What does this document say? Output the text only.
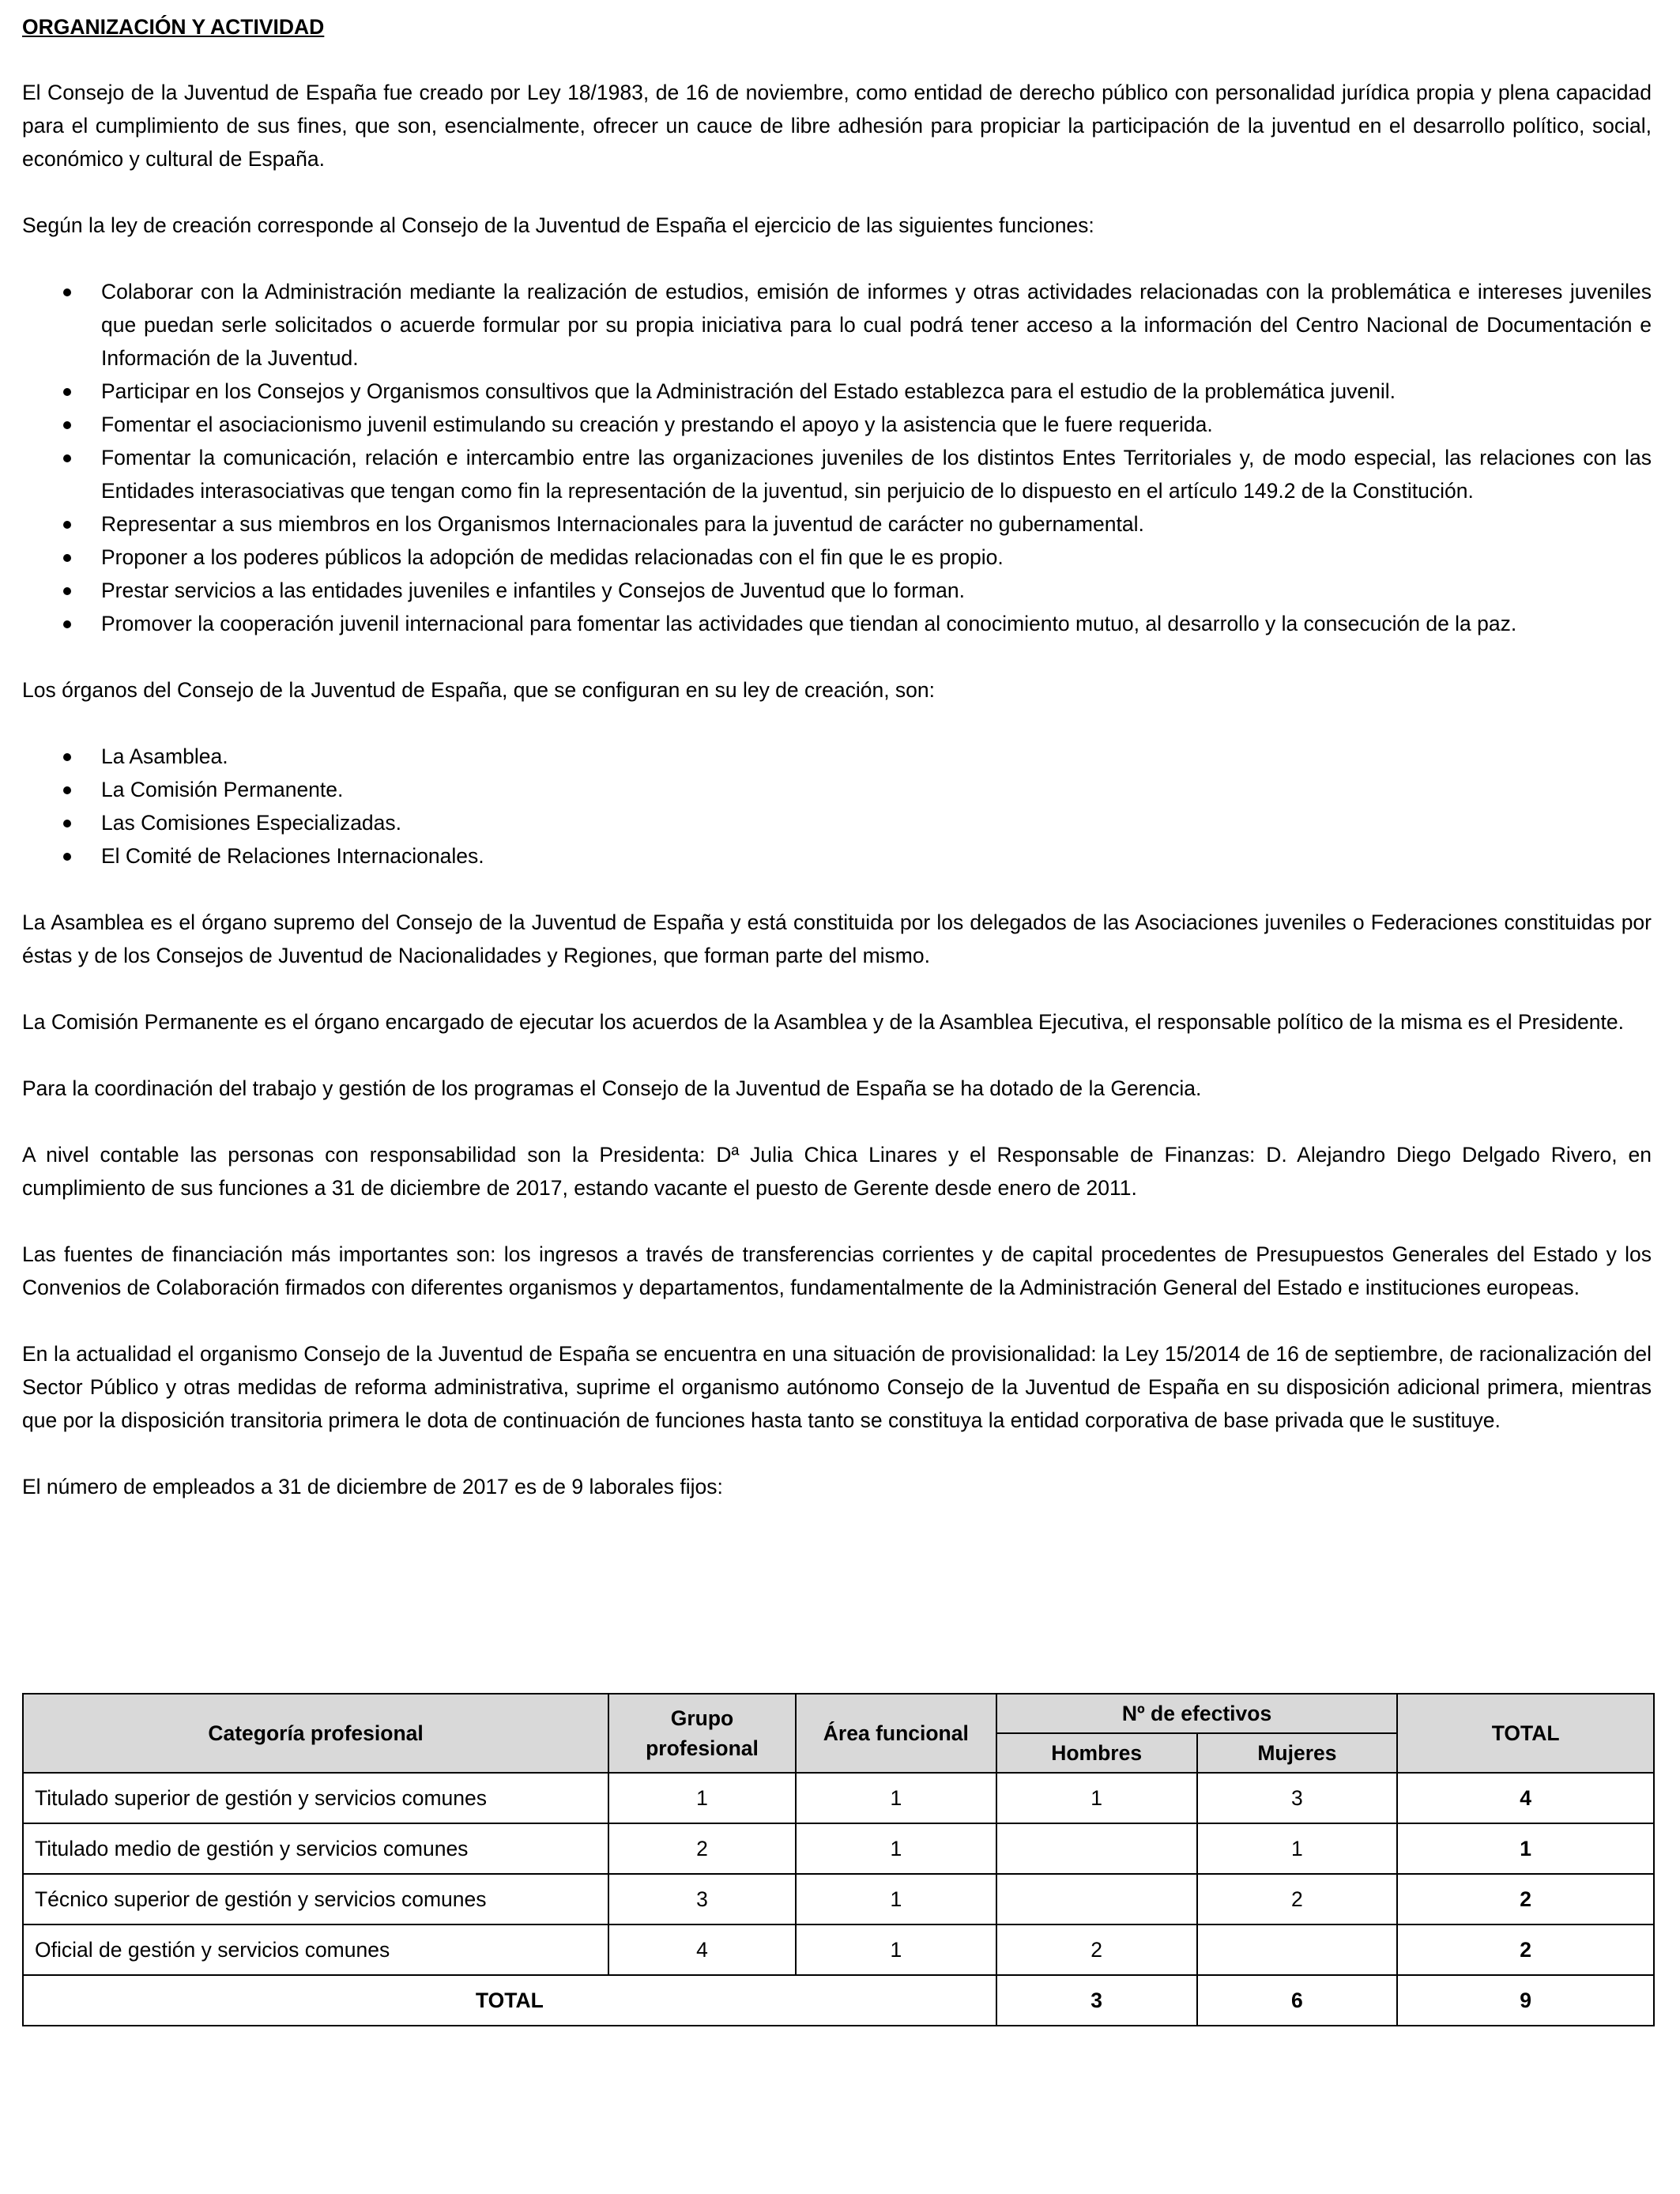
ORGANIZACIÓN Y ACTIVIDAD

El Consejo de la Juventud de España fue creado por Ley 18/1983, de 16 de noviembre, como entidad de derecho público con personalidad jurídica propia y plena capacidad para el cumplimiento de sus fines, que son, esencialmente, ofrecer un cauce de libre adhesión para propiciar la participación de la juventud en el desarrollo político, social, económico y cultural de España.

Según la ley de creación corresponde al Consejo de la Juventud de España el ejercicio de las siguientes funciones:

Colaborar con la Administración mediante la realización de estudios, emisión de informes y otras actividades relacionadas con la problemática e intereses juveniles que puedan serle solicitados o acuerde formular por su propia iniciativa para lo cual podrá tener acceso a la información del Centro Nacional de Documentación e Información de la Juventud.
Participar en los Consejos y Organismos consultivos que la Administración del Estado establezca para el estudio de la problemática juvenil.
Fomentar el asociacionismo juvenil estimulando su creación y prestando el apoyo y la asistencia que le fuere requerida.
Fomentar la comunicación, relación e intercambio entre las organizaciones juveniles de los distintos Entes Territoriales y, de modo especial, las relaciones con las Entidades interasociativas que tengan como fin la representación de la juventud, sin perjuicio de lo dispuesto en el artículo 149.2 de la Constitución.
Representar a sus miembros en los Organismos Internacionales para la juventud de carácter no gubernamental.
Proponer a los poderes públicos la adopción de medidas relacionadas con el fin que le es propio.
Prestar servicios a las entidades juveniles e infantiles y Consejos de Juventud que lo forman.
Promover la cooperación juvenil internacional para fomentar las actividades que tiendan al conocimiento mutuo, al desarrollo y la consecución de la paz.

Los órganos del Consejo de la Juventud de España, que se configuran en su ley de creación, son:

La Asamblea.
La Comisión Permanente.
Las Comisiones Especializadas.
El Comité de Relaciones Internacionales.

La Asamblea es el órgano supremo del Consejo de la Juventud de España y está constituida por los delegados de las Asociaciones juveniles o Federaciones constituidas por éstas y de los Consejos de Juventud de Nacionalidades y Regiones, que forman parte del mismo.

La Comisión Permanente es el órgano encargado de ejecutar los acuerdos de la Asamblea y de la Asamblea Ejecutiva, el responsable político de la misma es el Presidente.

Para la coordinación del trabajo y gestión de los programas el Consejo de la Juventud de España se ha dotado de la Gerencia.

A nivel contable las personas con responsabilidad son la Presidenta: Dª Julia Chica Linares y el Responsable de Finanzas: D. Alejandro Diego Delgado Rivero, en cumplimiento de sus funciones a 31 de diciembre de 2017, estando vacante el puesto de Gerente desde enero de 2011.

Las fuentes de financiación más importantes son: los ingresos a través de transferencias corrientes y de capital procedentes de Presupuestos Generales del Estado y los Convenios de Colaboración firmados con diferentes organismos y departamentos, fundamentalmente de la Administración General del Estado e instituciones europeas.

En la actualidad el organismo Consejo de la Juventud de España se encuentra en una situación de provisionalidad: la Ley 15/2014 de 16 de septiembre, de racionalización del Sector Público y otras medidas de reforma administrativa, suprime el organismo autónomo Consejo de la Juventud de España en su disposición adicional primera, mientras que por la disposición transitoria primera le dota de continuación de funciones hasta tanto se constituya la entidad corporativa de base privada que le sustituye.

El número de empleados a 31 de diciembre de 2017 es de 9 laborales fijos:

Categoría profesional	Grupo profesional	Área funcional	Nº de efectivos		TOTAL
			Hombres	Mujeres	
Titulado superior de gestión y servicios comunes	1	1	1	3	4
Titulado medio de gestión y servicios comunes	2	1		1	1
Técnico superior de gestión y servicios comunes	3	1		2	2
Oficial de gestión y servicios comunes	4	1	2		2
TOTAL			3	6	9
